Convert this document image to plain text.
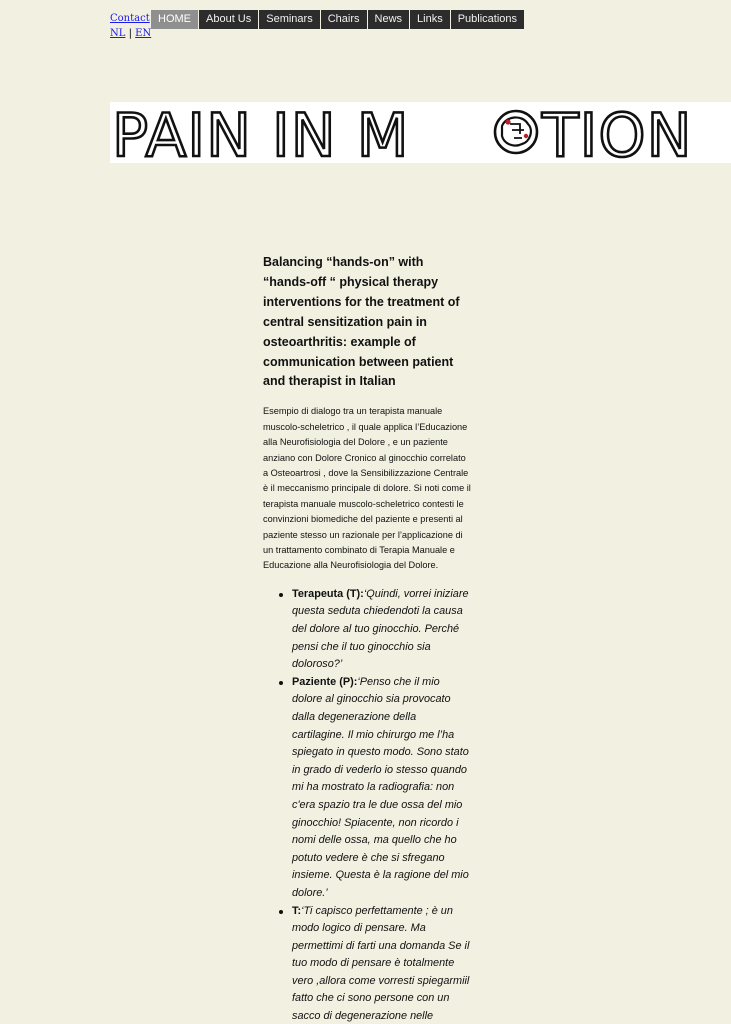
Contact
NL | EN
HOME	About Us	Seminars	Chairs	News	Links	Publications
PAIN IN M TION
Balancing “hands-on” with “hands-off “ physical therapy interventions for the treatment of central sensitization pain in osteoarthritis: example of communication between patient and therapist in Italian

Esempio di dialogo tra un terapista manuale muscolo-scheletrico , il quale applica l’Educazione alla Neurofisiologia del Dolore , e un paziente anziano con Dolore Cronico al ginocchio correlato a Osteoartrosi , dove la Sensibilizzazione Centrale è il meccanismo principale di dolore. Si noti come il terapista manuale muscolo-scheletrico contesti le convinzioni biomediche del paziente e presenti al paziente stesso un razionale per l’applicazione di un trattamento combinato di Terapia Manuale e Educazione alla Neurofisiologia del Dolore.

Terapeuta (T):‘Quindi, vorrei iniziare questa seduta chiedendoti la causa del dolore al tuo ginocchio. Perché pensi che il tuo ginocchio sia doloroso?’
Paziente (P):‘Penso che il mio dolore al ginocchio sia provocato dalla degenerazione della cartilagine. Il mio chirurgo me l’ha spiegato in questo modo. Sono stato in grado di vederlo io stesso quando mi ha mostrato la radiografia: non c'era spazio tra le due ossa del mio ginocchio! Spiacente, non ricordo i nomi delle ossa, ma quello che ho potuto vedere è che si sfregano insieme. Questa è la ragione del mio dolore.’
T:‘Ti capisco perfettamente ; è un modo logico di pensare. Ma permettimi di farti una domanda Se il tuo modo di pensare è totalmente vero ,allora come vorresti spiegarmiil fatto che ci sono persone con un sacco di degenerazione nelle
